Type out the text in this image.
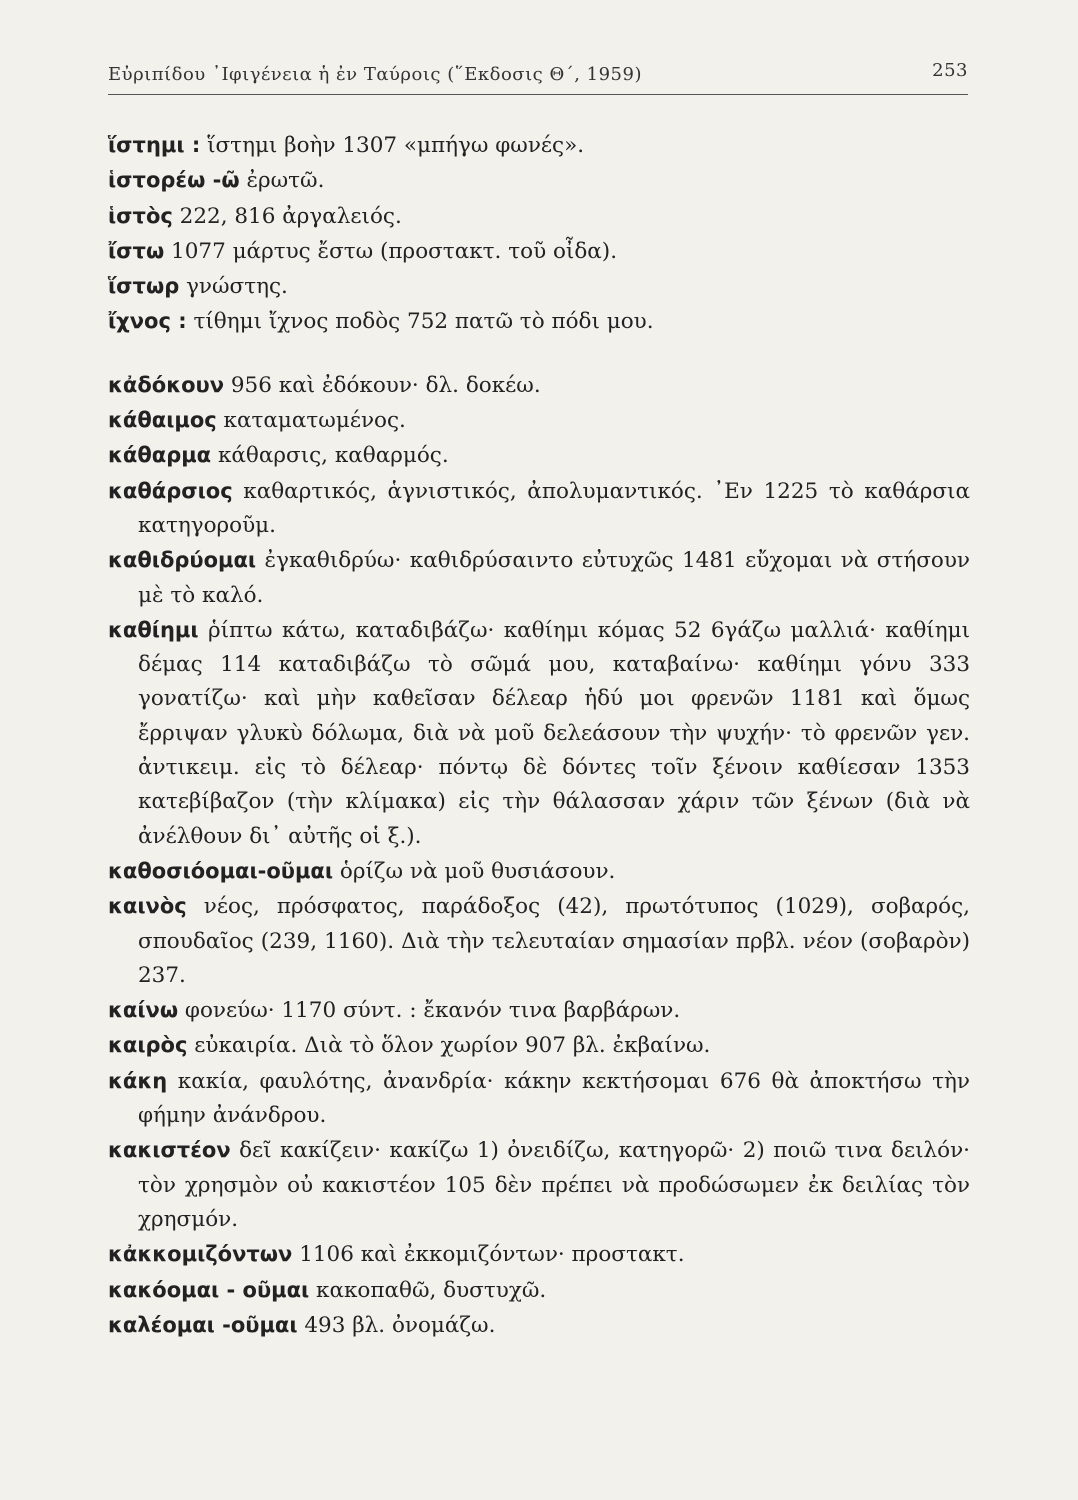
Εὐριπίδου ᾽Ιφιγένεια ἡ ἐν Ταύροις (῞Εκδοσις Θ΄, 1959)	253

ἵστημι : ἵστημι βοὴν 1307 «μπήγω φωνές».

ἱστορέω -ῶ ἐρωτῶ.

ἱστὸς 222, 816 ἀργαλειός.

ἴστω 1077 μάρτυς ἔστω (προστακτ. τοῦ οἶδα).

ἵστωρ γνώστης.

ἴχνος : τίθημι ἴχνος ποδὸς 752 πατῶ τὸ πόδι μου.

κἀδόκουν 956 καὶ ἐδόκουν· δλ. δοκέω.

κάθαιμος καταματωμένος.

κάθαρμα κάθαρσις, καθαρμός.

καθάρσιος καθαρτικός, ἁγνιστικός, ἀπολυμαντικός. ᾽Εν 1225 τὸ καθάρσια κατηγοροῦμ.

καθιδρύομαι ἐγκαθιδρύω· καθιδρύσαιντο εὐτυχῶς 1481 εὔχομαι νὰ στήσουν μὲ τὸ καλό.

καθίημι ῥίπτω κάτω, καταδιβάζω· καθίημι κόμας 52 6γάζω μαλλιά· καθίημι δέμας 114 καταδιβάζω τὸ σῶμά μου, καταβαίνω· καθίημι γόνυ 333 γονατίζω· καὶ μὴν καθεῖσαν δέλεαρ ἡδύ μοι φρενῶν 1181 καὶ ὅμως ἔρριψαν γλυκὺ δόλωμα, διὰ νὰ μοῦ δελεάσουν τὴν ψυχήν· τὸ φρενῶν γεν. ἀντικειμ. εἰς τὸ δέλεαρ· πόντῳ δὲ δόντες τοῖν ξένοιν καθίεσαν 1353 κατεβίβαζον (τὴν κλίμακα) εἰς τὴν θάλασσαν χάριν τῶν ξένων (διὰ νὰ ἀνέλθουν δι᾽ αὐτῆς οἱ ξ.).

καθοσιόομαι-οῦμαι ὁρίζω νὰ μοῦ θυσιάσουν.

καινὸς νέος, πρόσφατος, παράδοξος (42), πρωτότυπος (1029), σοβαρός, σπουδαῖος (239, 1160). Διὰ τὴν τελευταίαν σημασίαν πρβλ. νέον (σοβαρὸν) 237.

καίνω φονεύω· 1170 σύντ. : ἔκανόν τινα βαρβάρων.

καιρὸς εὐκαιρία. Διὰ τὸ ὅλον χωρίον 907 βλ. ἐκβαίνω.

κάκη κακία, φαυλότης, ἀνανδρία· κάκην κεκτήσομαι 676 θὰ ἀποκτήσω τὴν φήμην ἀνάνδρου.

κακιστέον δεῖ κακίζειν· κακίζω 1) ὀνειδίζω, κατηγορῶ· 2) ποιῶ τινα δειλόν· τὸν χρησμὸν οὐ κακιστέον 105 δὲν πρέπει νὰ προδώσωμεν ἐκ δειλίας τὸν χρησμόν.

κἀκκομιζόντων 1106 καὶ ἐκκομιζόντων· προστακτ.

κακόομαι - οῦμαι κακοπαθῶ, δυστυχῶ.

καλέομαι -οῦμαι 493 βλ. ὀνομάζω.
